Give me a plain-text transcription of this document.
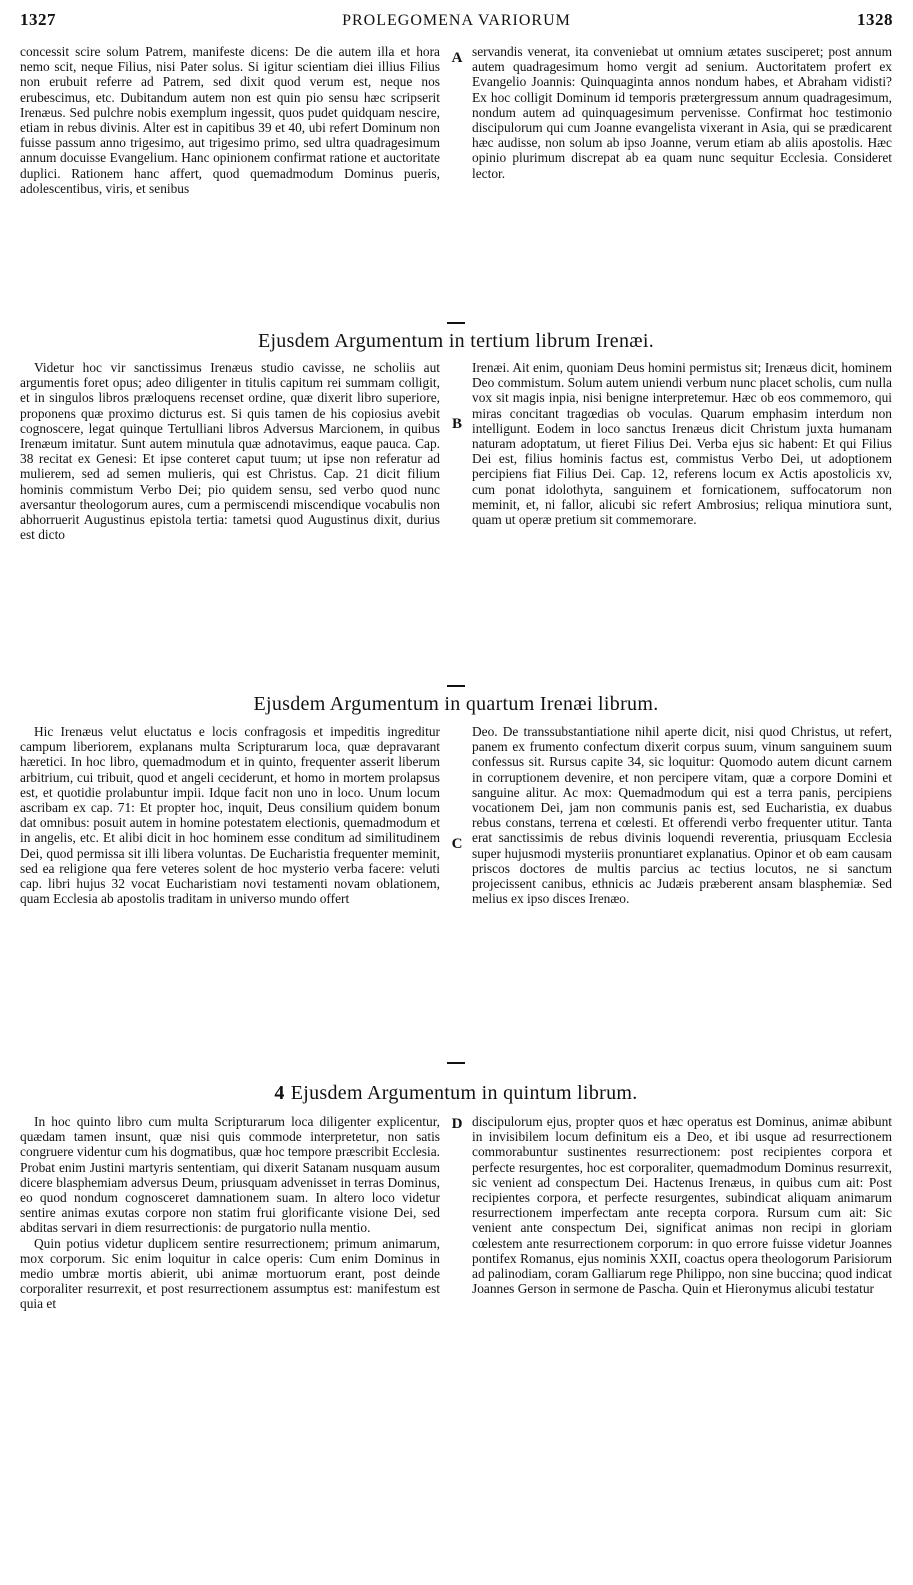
1327	PROLEGOMENA VARIORUM	1328

concessit scire solum Patrem, manifeste dicens: De die autem illa et hora nemo scit, neque Filius, nisi Pater solus. Si igitur scientiam diei illius Filius non erubuit referre ad Patrem, sed dixit quod verum est, neque nos erubescimus, etc. Dubitandum autem non est quin pio sensu hæc scripserit Irenæus. Sed pulchre nobis exemplum ingessit, quos pudet quidquam nescire, etiam in rebus divinis. Alter est in capitibus 39 et 40, ubi refert Dominum non fuisse passum anno trigesimo, aut trigesimo primo, sed ultra quadragesimum annum docuisse Evangelium. Hanc opinionem confirmat ratione et auctoritate duplici. Rationem hanc affert, quod quemadmodum Dominus pueris, adolescentibus, viris, et senibus

servandis venerat, ita conveniebat ut omnium ætates susciperet; post annum autem quadragesimum homo vergit ad senium. Auctoritatem profert ex Evangelio Joannis: Quinquaginta annos nondum habes, et Abraham vidisti? Ex hoc colligit Dominum id temporis prætergressum annum quadragesimum, nondum autem ad quinquagesimum pervenisse. Confirmat hoc testimonio discipulorum qui cum Joanne evangelista vixerant in Asia, qui se prædicarent hæc audisse, non solum ab ipso Joanne, verum etiam ab aliis apostolis. Hæc opinio plurimum discrepat ab ea quam nunc sequitur Ecclesia. Consideret lector.

A
Ejusdem Argumentum in tertium librum Irenæi.

Videtur hoc vir sanctissimus Irenæus studio cavisse, ne scholiis aut argumentis foret opus; adeo diligenter in titulis capitum rei summam colligit, et in singulos libros præloquens recenset ordine, quæ dixerit libro superiore, proponens quæ proximo dicturus est. Si quis tamen de his copiosius avebit cognoscere, legat quinque Tertulliani libros Adversus Marcionem, in quibus Irenæum imitatur. Sunt autem minutula quæ adnotavimus, eaque pauca. Cap. 38 recitat ex Genesi: Et ipse conteret caput tuum; ut ipse non referatur ad mulierem, sed ad semen mulieris, qui est Christus. Cap. 21 dicit filium hominis commistum Verbo Dei; pio quidem sensu, sed verbo quod nunc aversantur theologorum aures, cum a permiscendi miscendique vocabulis non abhorruerit Augustinus epistola tertia: tametsi quod Augustinus dixit, durius est dicto

Irenæi. Ait enim, quoniam Deus homini permistus sit; Irenæus dicit, hominem Deo commistum. Solum autem uniendi verbum nunc placet scholis, cum nulla vox sit magis inpia, nisi benigne interpretemur. Hæc ob eos commemoro, qui miras concitant tragœdias ob voculas. Quarum emphasim interdum non intelligunt. Eodem in loco sanctus Irenæus dicit Christum juxta humanam naturam adoptatum, ut fieret Filius Dei. Verba ejus sic habent: Et qui Filius Dei est, filius hominis factus est, commistus Verbo Dei, ut adoptionem percipiens fiat Filius Dei. Cap. 12, referens locum ex Actis apostolicis xv, cum ponat idolothyta, sanguinem et fornicationem, suffocatorum non meminit, et, ni fallor, alicubi sic refert Ambrosius; reliqua minutiora sunt, quam ut operæ pretium sit commemorare.

B
Ejusdem Argumentum in quartum Irenæi librum.

Hic Irenæus velut eluctatus e locis confragosis et impeditis ingreditur campum liberiorem, explanans multa Scripturarum loca, quæ depravarant hæretici. In hoc libro, quemadmodum et in quinto, frequenter asserit liberum arbitrium, cui tribuit, quod et angeli ceciderunt, et homo in mortem prolapsus est, et quotidie prolabuntur impii. Idque facit non uno in loco. Unum locum ascribam ex cap. 71: Et propter hoc, inquit, Deus consilium quidem bonum dat omnibus: posuit autem in homine potestatem electionis, quemadmodum et in angelis, etc. Et alibi dicit in hoc hominem esse conditum ad similitudinem Dei, quod permissa sit illi libera voluntas. De Eucharistia frequenter meminit, sed ea religione qua fere veteres solent de hoc mysterio verba facere: veluti cap. libri hujus 32 vocat Eucharistiam novi testamenti novam oblationem, quam Ecclesia ab apostolis traditam in universo mundo offert

Deo. De transsubstantiatione nihil aperte dicit, nisi quod Christus, ut refert, panem ex frumento confectum dixerit corpus suum, vinum sanguinem suum confessus sit. Rursus capite 34, sic loquitur: Quomodo autem dicunt carnem in corruptionem devenire, et non percipere vitam, quæ a corpore Domini et sanguine alitur. Ac mox: Quemadmodum qui est a terra panis, percipiens vocationem Dei, jam non communis panis est, sed Eucharistia, ex duabus rebus constans, terrena et cœlesti. Et offerendi verbo frequenter utitur. Tanta erat sanctissimis de rebus divinis loquendi reverentia, priusquam Ecclesia super hujusmodi mysteriis pronuntiaret explanatius. Opinor et ob eam causam priscos doctores de multis parcius ac tectius locutos, ne si sanctum projecissent canibus, ethnicis ac Judæis præberent ansam blasphemiæ. Sed melius ex ipso disces Irenæo.

C
4 Ejusdem Argumentum in quintum librum.

In hoc quinto libro cum multa Scripturarum loca diligenter explicentur, quædam tamen insunt, quæ nisi quis commode interpretetur, non satis congruere videntur cum his dogmatibus, quæ hoc tempore præscribit Ecclesia. Probat enim Justini martyris sententiam, qui dixerit Satanam nusquam ausum dicere blasphemiam adversus Deum, priusquam advenisset in terras Dominus, eo quod nondum cognosceret damnationem suam. In altero loco videtur sentire animas exutas corpore non statim frui glorificante visione Dei, sed abditas servari in diem resurrectionis: de purgatorio nulla mentio.

Quin potius videtur duplicem sentire resurrectionem; primum animarum, mox corporum. Sic enim loquitur in calce operis: Cum enim Dominus in medio umbræ mortis abierit, ubi animæ mortuorum erant, post deinde corporaliter resurrexit, et post resurrectionem assumptus est: manifestum est quia et

discipulorum ejus, propter quos et hæc operatus est Dominus, animæ abibunt in invisibilem locum definitum eis a Deo, et ibi usque ad resurrectionem commorabuntur sustinentes resurrectionem: post recipientes corpora et perfecte resurgentes, hoc est corporaliter, quemadmodum Dominus resurrexit, sic venient ad conspectum Dei. Hactenus Irenæus, in quibus cum ait: Post recipientes corpora, et perfecte resurgentes, subindicat aliquam animarum resurrectionem imperfectam ante recepta corpora. Rursum cum ait: Sic venient ante conspectum Dei, significat animas non recipi in gloriam cœlestem ante resurrectionem corporum: in quo errore fuisse videtur Joannes pontifex Romanus, ejus nominis XXII, coactus opera theologorum Parisiorum ad palinodiam, coram Galliarum rege Philippo, non sine buccina; quod indicat Joannes Gerson in sermone de Pascha. Quin et Hieronymus alicubi testatur

D
